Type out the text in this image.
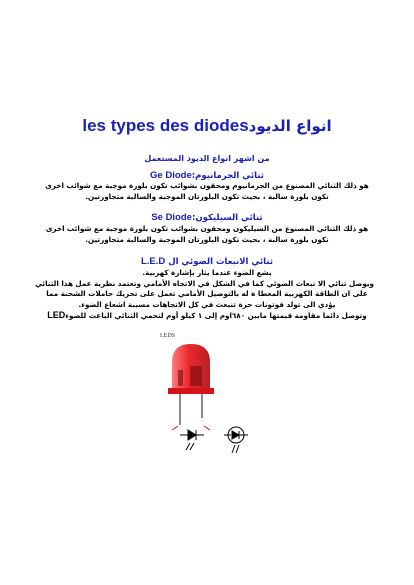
les types des diodesانواع الديود
من اشهر انواع الديود المستعمل
ثنائي الجرمانيوم:Ge Diode
هو ذلك الثنائي المصنوع من الجرمانيوم ومحقون بشوائب تكون بلورة موجبة مع شوائب اخرى
تكون بلورة سالبة ، بحيث تكون البلورتان الموجبة والسالبة متجاورتين.
ثنائي السيليكون:Se Diode
هو ذلك الثنائي المصنوع من السيليكون ومحقون بشوائب تكون بلورة موجبة مع شوائب اخرى
تكون بلورة سالبة ، بحيث تكون البلورتان الموجبة والسالبة متجاورتين.
ثنائي الانبعاث الضوئي ال L.E.D
يشع الضوء عندما يثار بإشارة كهربية.
ويوصل ثنائي الا نبعاث الضوئي كما في الشكل في الاتجاه الأمامي وتعتمد نظرية عمل هذا الثنائي
على ان الطاقة الكهربية المعطا ة له بالتوصيل الأمامي تعمل على تحريك حاملات الشحنة مما
يؤدي الى تولد فوتونات حرة تنبعث في كل الاتجاهات مسببة اشعاع الضوء.
وتوصل دائما مقاومة قيمتها مابين ٦٨٠اوم إلى ١ كيلو أوم لتحمي الثنائي الباعث للضوءLED
LEDS
